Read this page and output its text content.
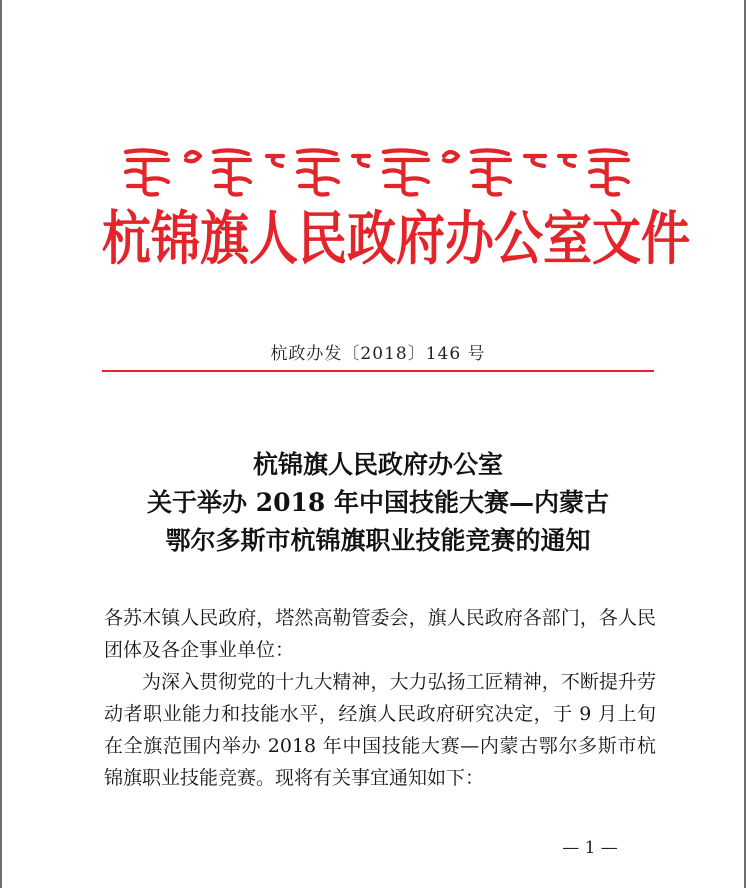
杭锦旗人民政府办公室文件
杭政办发〔2018〕146 号
杭锦旗人民政府办公室
关于举办 2018 年中国技能大赛—内蒙古
鄂尔多斯市杭锦旗职业技能竞赛的通知

各苏木镇人民政府，塔然高勒管委会，旗人民政府各部门，各人民团体及各企事业单位：

为深入贯彻党的十九大精神，大力弘扬工匠精神，不断提升劳动者职业能力和技能水平，经旗人民政府研究决定，于 9 月上旬在全旗范围内举办 2018 年中国技能大赛—内蒙古鄂尔多斯市杭锦旗职业技能竞赛。现将有关事宜通知如下：

— 1 —
